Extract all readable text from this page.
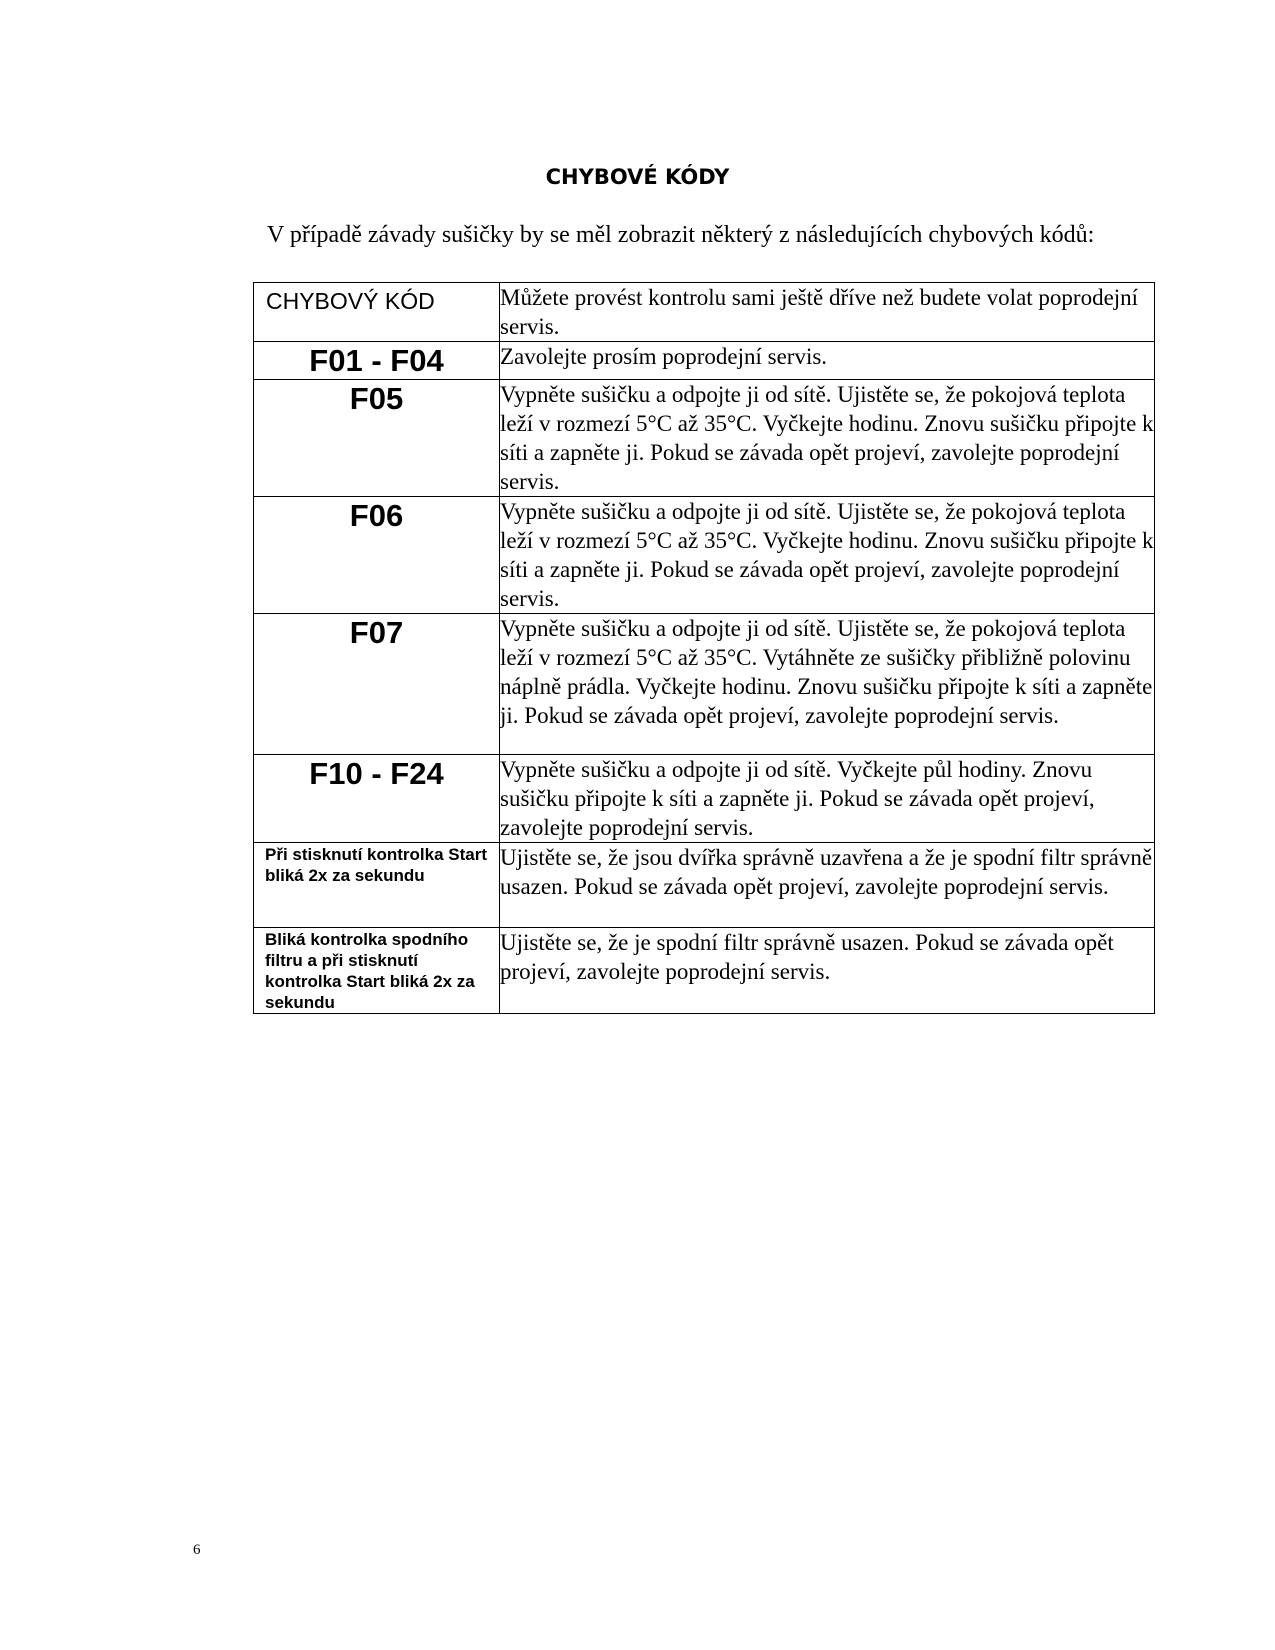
CHYBOVÉ KÓDY
V případě závady sušičky by se měl zobrazit některý z následujících chybových kódů:
CHYBOVÝ KÓD	Můžete provést kontrolu sami ještě dříve než budete volat poprodejní servis.

F01 - F04	Zavolejte prosím poprodejní servis.

F05	Vypněte sušičku a odpojte ji od sítě. Ujistěte se, že pokojová teplota leží v rozmezí 5°C až 35°C. Vyčkejte hodinu. Znovu sušičku připojte k síti a zapněte ji. Pokud se závada opět projeví, zavolejte poprodejní servis.

F06	Vypněte sušičku a odpojte ji od sítě. Ujistěte se, že pokojová teplota leží v rozmezí 5°C až 35°C. Vyčkejte hodinu. Znovu sušičku připojte k síti a zapněte ji. Pokud se závada opět projeví, zavolejte poprodejní servis.

F07	Vypněte sušičku a odpojte ji od sítě. Ujistěte se, že pokojová teplota leží v rozmezí 5°C až 35°C. Vytáhněte ze sušičky přibližně polovinu náplně prádla. Vyčkejte hodinu. Znovu sušičku připojte k síti a zapněte ji. Pokud se závada opět projeví, zavolejte poprodejní servis.

F10 - F24	Vypněte sušičku a odpojte ji od sítě. Vyčkejte půl hodiny. Znovu sušičku připojte k síti a zapněte ji. Pokud se závada opět projeví, zavolejte poprodejní servis.

Při stisknutí kontrolka Start bliká 2x za sekundu	Ujistěte se, že jsou dvířka správně uzavřena a že je spodní filtr správně usazen. Pokud se závada opět projeví, zavolejte poprodejní servis.

Bliká kontrolka spodního filtru a při stisknutí kontrolka Start bliká 2x za sekundu	Ujistěte se, že je spodní filtr správně usazen. Pokud se závada opět projeví, zavolejte poprodejní servis.
6
